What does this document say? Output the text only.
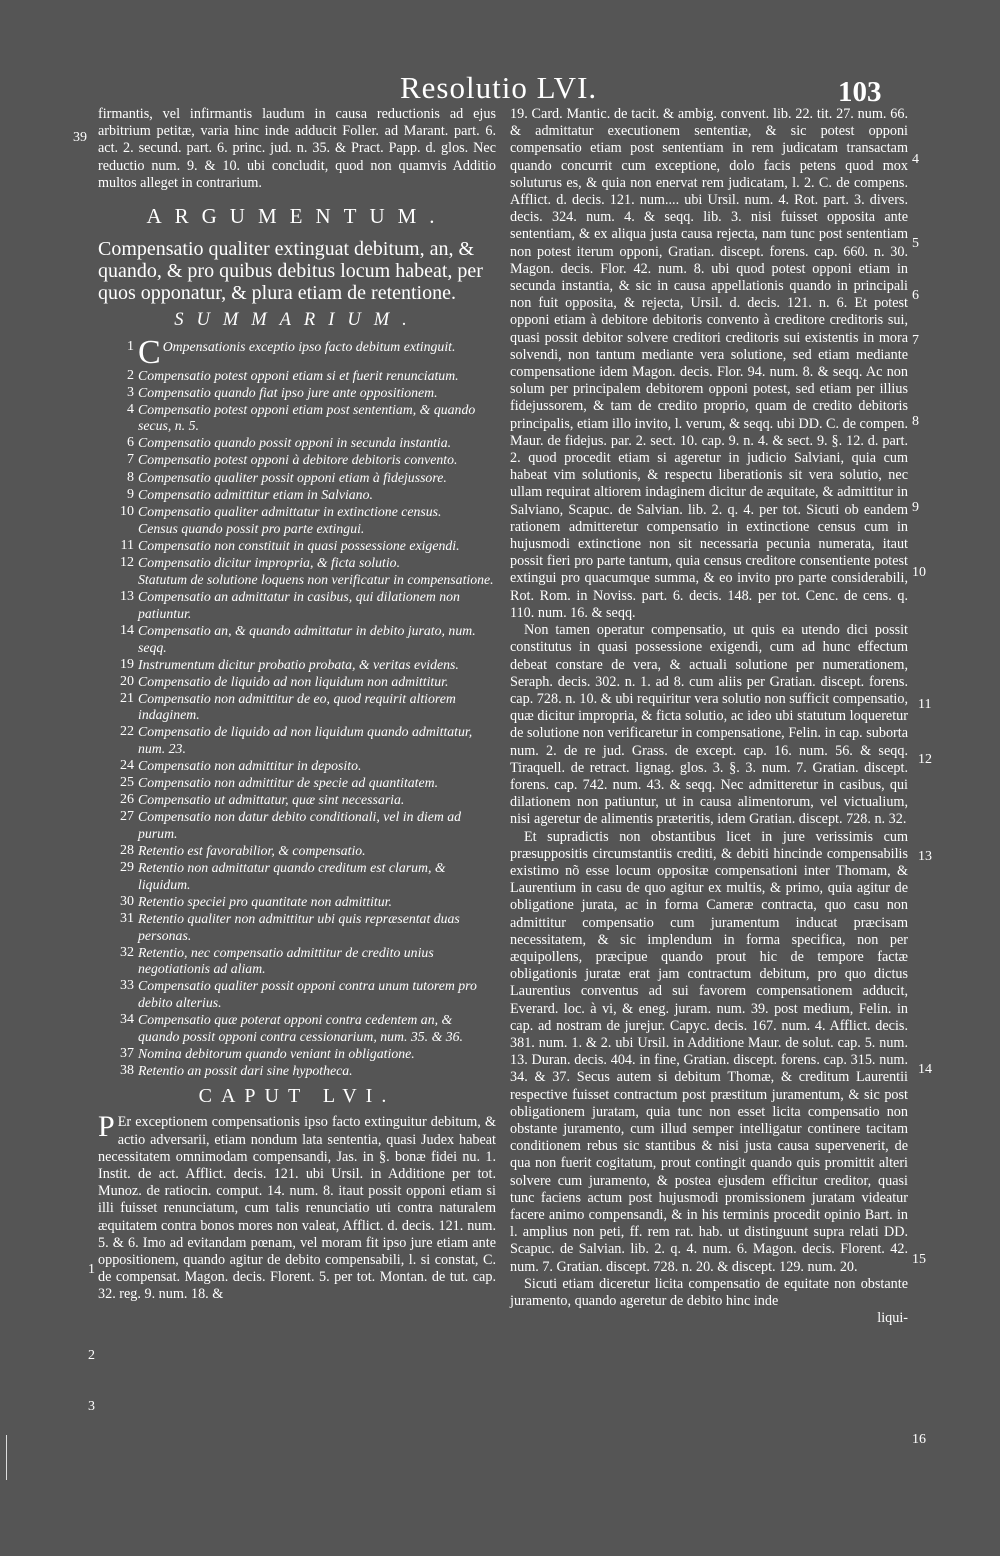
Resolutio LVI.	103

firmantis, vel infirmantis laudum in causa reductionis ad ejus arbitrium petitæ, varia hinc inde adducit Foller. ad Marant. part. 6. act. 2. secund. part. 6. princ. jud. n. 35. & Pract. Papp. d. glos. Nec reductio num. 9. & 10. ubi concludit, quod non quamvis Additio multos alleget in contrarium.

ARGUMENTUM.

Compensatio qualiter extinguat debitum, an, & quando, & pro quibus debitus locum habeat, per quos opponatur, & plura etiam de retentione.

SUMMARIUM.
1 C Ompensationis exceptio ipso facto debitum extinguit.
2 Compensatio potest opponi etiam si et fuerit renunciatum.
3 Compensatio quando fiat ipso jure ante oppositionem.
4 Compensatio potest opponi etiam post sententiam, & quando secus, n. 5.
6 Compensatio quando possit opponi in secunda instantia.
7 Compensatio potest opponi à debitore debitoris convento.
8 Compensatio qualiter possit opponi etiam à fidejussore.
9 Compensatio admittitur etiam in Salviano.
10 Compensatio qualiter admittatur in extinctione census.
Census quando possit pro parte extingui.
11 Compensatio non constituit in quasi possessione exigendi.
12 Compensatio dicitur impropria, & ficta solutio.
Statutum de solutione loquens non verificatur in compensatione.
13 Compensatio an admittatur in casibus, qui dilationem non patiuntur.
14 Compensatio an, & quando admittatur in debito jurato, num. seqq.
19 Instrumentum dicitur probatio probata, & veritas evidens.
20 Compensatio de liquido ad non liquidum non admittitur.
21 Compensatio non admittitur de eo, quod requirit altiorem indaginem.
22 Compensatio de liquido ad non liquidum quando admittatur, num. 23.
24 Compensatio non admittitur in deposito.
25 Compensatio non admittitur de specie ad quantitatem.
26 Compensatio ut admittatur, quæ sint necessaria.
27 Compensatio non datur debito conditionali, vel in diem ad purum.
28 Retentio est favorabilior, & compensatio.
29 Retentio non admittatur quando creditum est clarum, & liquidum.
30 Retentio speciei pro quantitate non admittitur.
31 Retentio qualiter non admittitur ubi quis repræsentat duas personas.
32 Retentio, nec compensatio admittitur de credito unius negotiationis ad aliam.
33 Compensatio qualiter possit opponi contra unum tutorem pro debito alterius.
34 Compensatio quæ poterat opponi contra cedentem an, & quando possit opponi contra cessionarium, num. 35. & 36.
37 Nomina debitorum quando veniant in obligatione.
38 Retentio an possit dari sine hypotheca.
CAPUT LVI.

P Er exceptionem compensationis ipso facto extinguitur debitum, & actio adversarii, etiam nondum lata sententia, quasi Judex habeat necessitatem omnimodam compensandi, Jas. in §. bonæ fidei nu. 1. Instit. de act. Afflict. decis. 121. ubi Ursil. in Additione per tot. Munoz. de ratiocin. comput. 14. num. 8. itaut possit opponi etiam si illi fuisset renunciatum, cum talis renunciatio uti contra naturalem æquitatem contra bonos mores non valeat, Afflict. d. decis. 121. num. 5. & 6. Imo ad evitandam pœnam, vel moram fit ipso jure etiam ante oppositionem, quando agitur de debito compensabili, l. si constat, C. de compensat. Magon. decis. Florent. 5. per tot. Montan. de tut. cap. 32. reg. 9. num. 18. &

19. Card. Mantic. de tacit. & ambig. convent. lib. 22. tit. 27. num. 66. & admittatur executionem sententiæ, & sic potest opponi compensatio etiam post sententiam in rem judicatam transactam quando concurrit cum exceptione, dolo facis petens quod mox soluturus es, & quia non enervat rem judicatam, l. 2. C. de compens. Afflict. d. decis. 121. num.... ubi Ursil. num. 4. Rot. part. 3. divers. decis. 324. num. 4. & seqq. lib. 3. nisi fuisset opposita ante sententiam, & ex aliqua justa causa rejecta, nam tunc post sententiam non potest iterum opponi, Gratian. discept. forens. cap. 660. n. 30. Magon. decis. Flor. 42. num. 8. ubi quod potest opponi etiam in secunda instantia, & sic in causa appellationis quando in principali non fuit opposita, & rejecta, Ursil. d. decis. 121. n. 6. Et potest opponi etiam à debitore debitoris convento à creditore creditoris sui, quasi possit debitor solvere creditori creditoris sui existentis in mora solvendi, non tantum mediante vera solutione, sed etiam mediante compensatione idem Magon. decis. Flor. 94. num. 8. & seqq. Ac non solum per principalem debitorem opponi potest, sed etiam per illius fidejussorem, & tam de credito proprio, quam de credito debitoris principalis, etiam illo invito, l. verum, & seqq. ubi DD. C. de compen. Maur. de fidejus. par. 2. sect. 10. cap. 9. n. 4. & sect. 9. §. 12. d. part. 2. quod procedit etiam si ageretur in judicio Salviani, quia cum habeat vim solutionis, & respectu liberationis sit vera solutio, nec ullam requirat altiorem indaginem dicitur de æquitate, & admittitur in Salviano, Scapuc. de Salvian. lib. 2. q. 4. per tot. Sicuti ob eandem rationem admitteretur compensatio in extinctione census cum in hujusmodi extinctione non sit necessaria pecunia numerata, itaut possit fieri pro parte tantum, quia census creditore consentiente potest extingui pro quacumque summa, & eo invito pro parte considerabili, Rot. Rom. in Noviss. part. 6. decis. 148. per tot. Cenc. de cens. q. 110. num. 16. & seqq.

Non tamen operatur compensatio, ut quis ea utendo dici possit constitutus in quasi possessione exigendi, cum ad hunc effectum debeat constare de vera, & actuali solutione per numerationem, Seraph. decis. 302. n. 1. ad 8. cum aliis per Gratian. discept. forens. cap. 728. n. 10. & ubi requiritur vera solutio non sufficit compensatio, quæ dicitur impropria, & ficta solutio, ac ideo ubi statutum loqueretur de solutione non verificaretur in compensatione, Felin. in cap. suborta num. 2. de re jud. Grass. de except. cap. 16. num. 56. & seqq. Tiraquell. de retract. lignag. glos. 3. §. 3. num. 7. Gratian. discept. forens. cap. 742. num. 43. & seqq. Nec admitteretur in casibus, qui dilationem non patiuntur, ut in causa alimentorum, vel victualium, nisi ageretur de alimentis præteritis, idem Gratian. discept. 728. n. 32.

Et supradictis non obstantibus licet in jure verissimis cum præsuppositis circumstantiis crediti, & debiti hincinde compensabilis existimo nõ esse locum oppositæ compensationi inter Thomam, & Laurentium in casu de quo agitur ex multis, & primo, quia agitur de obligatione jurata, ac in forma Cameræ contracta, quo casu non admittitur compensatio cum juramentum inducat præcisam necessitatem, & sic implendum in forma specifica, non per æquipollens, præcipue quando prout hic de tempore factæ obligationis juratæ erat jam contractum debitum, pro quo dictus Laurentius conventus ad sui favorem compensationem adducit, Everard. loc. à vi, & eneg. juram. num. 39. post medium, Felin. in cap. ad nostram de jurejur. Capyc. decis. 167. num. 4. Afflict. decis. 381. num. 1. & 2. ubi Ursil. in Additione Maur. de solut. cap. 5. num. 13. Duran. decis. 404. in fine, Gratian. discept. forens. cap. 315. num. 34. & 37. Secus autem si debitum Thomæ, & creditum Laurentii respective fuisset contractum post præstitum juramentum, & sic post obligationem juratam, quia tunc non esset licita compensatio non obstante juramento, cum illud semper intelligatur continere tacitam conditionem rebus sic stantibus & nisi justa causa supervenerit, de qua non fuerit cogitatum, prout contingit quando quis promittit alteri solvere cum juramento, & postea ejusdem efficitur creditor, quasi tunc faciens actum post hujusmodi promissionem juratam videatur facere animo compensandi, & in his terminis procedit opinio Bart. in l. amplius non peti, ff. rem rat. hab. ut distinguunt supra relati DD. Scapuc. de Salvian. lib. 2. q. 4. num. 6. Magon. decis. Florent. 42. num. 7. Gratian. discept. 728. n. 20. & discept. 129. num. 20.

Sicuti etiam diceretur licita compensatio de equitate non obstante juramento, quando ageretur de debito hinc inde

liqui-

39
1
2
3
4
5
6
7
8
9
10
11
12
13
14
15
16
